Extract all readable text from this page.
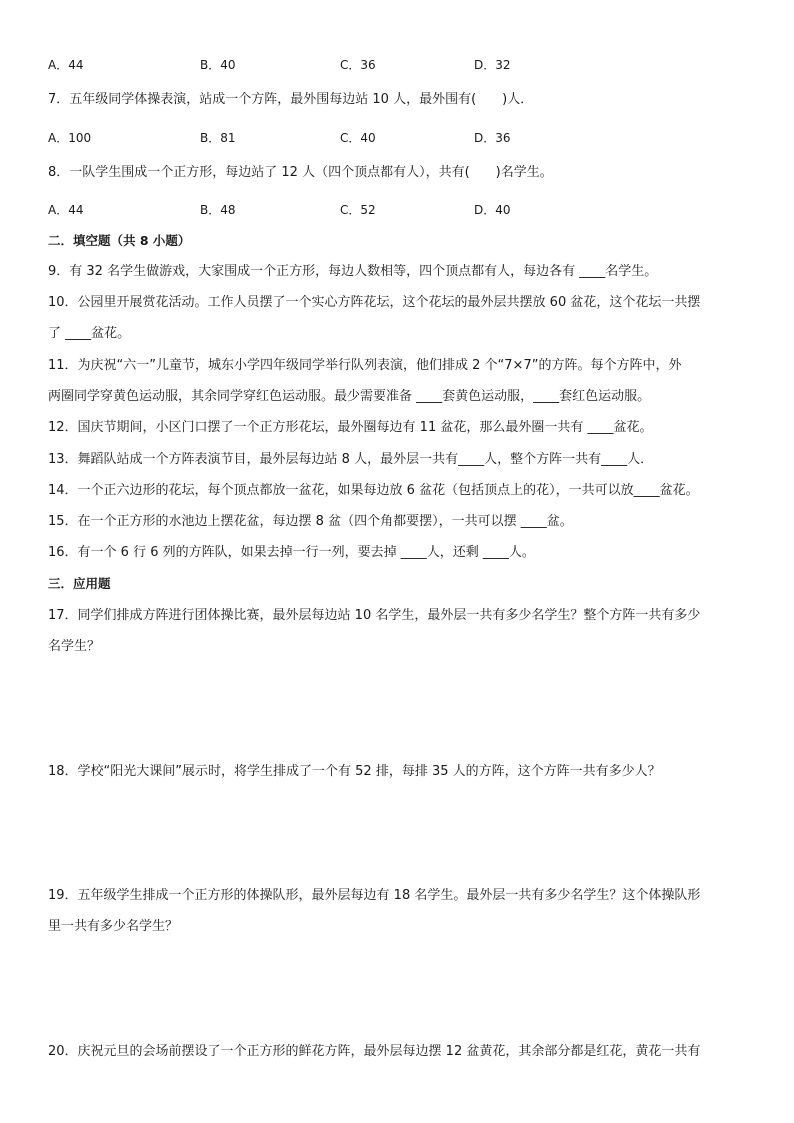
A．44	B．40	C．36	D．32
7．五年级同学体操表演，站成一个方阵，最外围每边站 10 人，最外围有(　　)人．
A．100	B．81	C．40	D．36
8．一队学生围成一个正方形，每边站了 12 人（四个顶点都有人），共有(　　)名学生。
A．44	B．48	C．52	D．40
二．填空题（共 8 小题）
9．有 32 名学生做游戏，大家围成一个正方形，每边人数相等，四个顶点都有人，每边各有 ____名学生。
10．公园里开展赏花活动。工作人员摆了一个实心方阵花坛，这个花坛的最外层共摆放 60 盆花，这个花坛一共摆
了 ____盆花。
11．为庆祝“六一”儿童节，城东小学四年级同学举行队列表演，他们排成 2 个“7×7”的方阵。每个方阵中，外
两圈同学穿黄色运动服，其余同学穿红色运动服。最少需要准备 ____套黄色运动服，____套红色运动服。
12．国庆节期间，小区门口摆了一个正方形花坛，最外圈每边有 11 盆花，那么最外圈一共有 ____盆花。
13．舞蹈队站成一个方阵表演节目，最外层每边站 8 人，最外层一共有____人，整个方阵一共有____人．
14．一个正六边形的花坛，每个顶点都放一盆花，如果每边放 6 盆花（包括顶点上的花），一共可以放____盆花。
15．在一个正方形的水池边上摆花盆，每边摆 8 盆（四个角都要摆），一共可以摆 ____盆。
16．有一个 6 行 6 列的方阵队，如果去掉一行一列，要去掉 ____人，还剩 ____人。
三．应用题
17．同学们排成方阵进行团体操比赛，最外层每边站 10 名学生，最外层一共有多少名学生？整个方阵一共有多少
名学生？
18．学校“阳光大课间”展示时，将学生排成了一个有 52 排，每排 35 人的方阵，这个方阵一共有多少人？
19．五年级学生排成一个正方形的体操队形，最外层每边有 18 名学生。最外层一共有多少名学生？这个体操队形
里一共有多少名学生？
20．庆祝元旦的会场前摆设了一个正方形的鲜花方阵，最外层每边摆 12 盆黄花，其余部分都是红花，黄花一共有
